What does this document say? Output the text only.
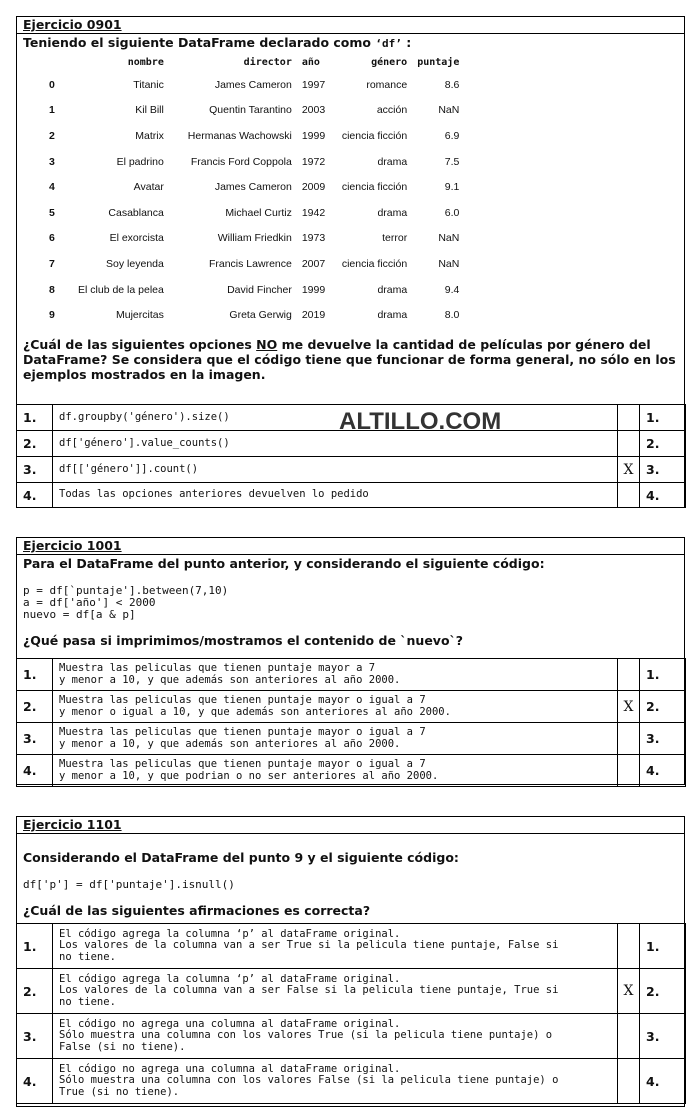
Ejercicio 0901
Teniendo el siguiente DataFrame declarado como ‘df’ :
	nombre	director	año	género	puntaje
0	Titanic	James Cameron	1997	romance	8.6
1	Kil Bill	Quentin Tarantino	2003	acción	NaN
2	Matrix	Hermanas Wachowski	1999	ciencia ficción	6.9
3	El padrino	Francis Ford Coppola	1972	drama	7.5
4	Avatar	James Cameron	2009	ciencia ficción	9.1
5	Casablanca	Michael Curtiz	1942	drama	6.0
6	El exorcista	William Friedkin	1973	terror	NaN
7	Soy leyenda	Francis Lawrence	2007	ciencia ficción	NaN
8	El club de la pelea	David Fincher	1999	drama	9.4
9	Mujercitas	Greta Gerwig	2019	drama	8.0
¿Cuál de las siguientes opciones NO me devuelve la cantidad de películas por género del DataFrame? Se considera que el código tiene que funcionar de forma general, no sólo en los ejemplos mostrados en la imagen.
1.	df.groupby('género').size()		1.
2.	df['género'].value_counts()		2.
3.	df[['género']].count()	X	3.
4.	Todas las opciones anteriores devuelven lo pedido		4.
ALTILLO.COM
Ejercicio 1001
Para el DataFrame del punto anterior, y considerando el siguiente código:
p = df[`puntaje'].between(7,10)
a = df['año'] < 2000
nuevo = df[a & p]
¿Qué pasa si imprimimos/mostramos el contenido de `nuevo`?
1.	Muestra las peliculas que tienen puntaje mayor a 7
y menor a 10, y que además son anteriores al año 2000.		1.
2.	Muestra las peliculas que tienen puntaje mayor o igual a 7
y menor o igual a 10, y que además son anteriores al año 2000.	X	2.
3.	Muestra las peliculas que tienen puntaje mayor o igual a 7
y menor a 10, y que además son anteriores al año 2000.		3.
4.	Muestra las peliculas que tienen puntaje mayor o igual a 7
y menor a 10, y que podrian o no ser anteriores al año 2000.		4.
Ejercicio 1101
Considerando el DataFrame del punto 9 y el siguiente código:
df['p'] = df['puntaje'].isnull()
¿Cuál de las siguientes afirmaciones es correcta?
1.	El código agrega la columna ‘p’ al dataFrame original.
Los valores de la columna van a ser True si la pelicula tiene puntaje, False si
no tiene.		1.
2.	El código agrega la columna ‘p’ al dataFrame original.
Los valores de la columna van a ser False si la pelicula tiene puntaje, True si
no tiene.	X	2.
3.	El código no agrega una columna al dataFrame original.
Sólo muestra una columna con los valores True (si la pelicula tiene puntaje) o
False (si no tiene).		3.
4.	El código no agrega una columna al dataFrame original.
Sólo muestra una columna con los valores False (si la pelicula tiene puntaje) o
True (si no tiene).		4.
